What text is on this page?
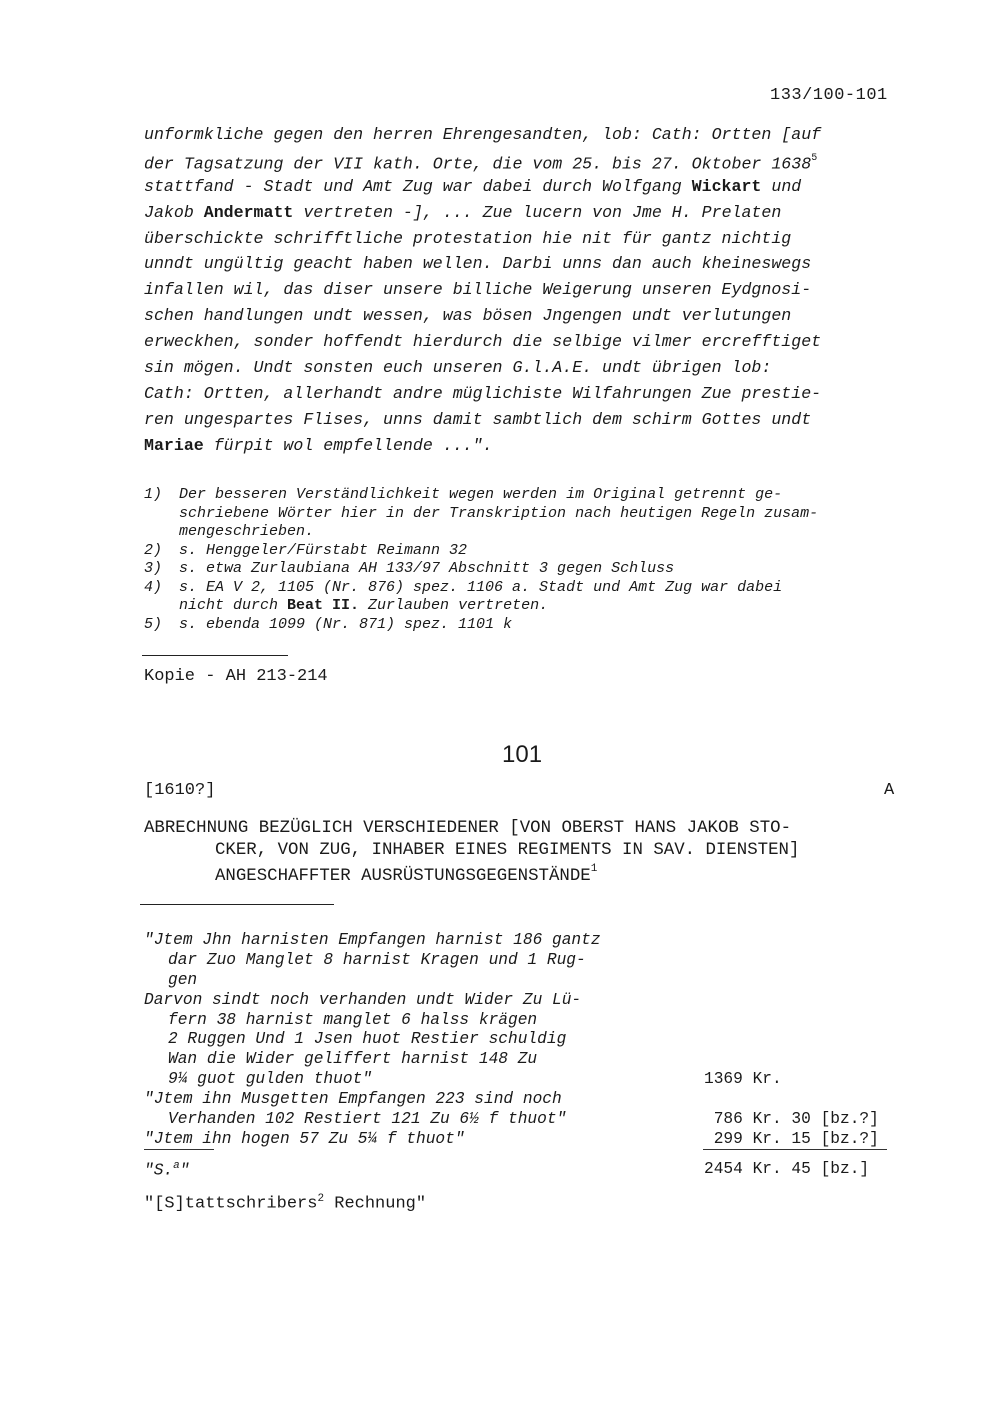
133/100-101
unformkliche gegen den herren Ehrengesandten, lob: Cath: Ortten [auf
der Tagsatzung der VII kath. Orte, die vom 25. bis 27. Oktober 1638$^5$
stattfand - Stadt und Amt Zug war dabei durch Wolfgang Wickart und
Jakob Andermatt vertreten -], ... Zue lucern von Jme H. Prelaten
überschickte schrifftliche protestation hie nit für gantz nichtig
unndt ungültig geacht haben wellen. Darbi unns dan auch kheineswegs
infallen wil, das diser unsere billiche Weigerung unseren Eydgnosi-
schen handlungen undt wessen, was bösen Jngengen undt verlutungen
erweckhen, sonder hoffendt hierdurch die selbige vilmer ercrefftiget
sin mögen. Undt sonsten euch unseren G.l.A.E. undt übrigen lob:
Cath: Ortten, allerhandt andre müglichiste Wilfahrungen Zue prestie-
ren ungespartes Flises, unns damit sambtlich dem schirm Gottes undt
Mariae fürpit wol empfellende ...".
1)	Der besseren Verständlichkeit wegen werden im Original getrennt ge-
schriebene Wörter hier in der Transkription nach heutigen Regeln zusam-
mengeschrieben.
2)	s. Henggeler/Fürstabt Reimann 32
3)	s. etwa Zurlaubiana AH 133/97 Abschnitt 3 gegen Schluss
4)	s. EA V 2, 1105 (Nr. 876) spez. 1106 a. Stadt und Amt Zug war dabei
nicht durch Beat II. Zurlauben vertreten.
5)	s. ebenda 1099 (Nr. 871) spez. 1101 k
Kopie - AH 213-214
101
[1610?]	A
ABRECHNUNG BEZÜGLICH VERSCHIEDENER [VON OBERST HANS JAKOB STO-
CKER, VON ZUG, INHABER EINES REGIMENTS IN SAV. DIENSTEN]
ANGESCHAFFTER AUSRÜSTUNGSGEGENSTÄNDE$^1$
"Jtem Jhn harnisten Empfangen harnist 186 gantz
dar Zuo Manglet 8 harnist Kragen und 1 Rug-
gen
Darvon sindt noch verhanden undt Wider Zu Lü-
fern 38 harnist manglet 6 halss krägen
2 Ruggen Und 1 Jsen huot Restier schuldig
Wan die Wider geliffert harnist 148 Zu
9¼ guot gulden thuot"	1369 Kr.
"Jtem ihn Musgetten Empfangen 223 sind noch
Verhanden 102 Restiert 121 Zu 6½ f thuot"	786 Kr. 30 [bz.?]
"Jtem ihn hogen 57 Zu 5¼ f thuot"	299 Kr. 15 [bz.?]
"S.$^a$"	2454 Kr. 45 [bz.]
"[S]tattschribers$^2$ Rechnung"
